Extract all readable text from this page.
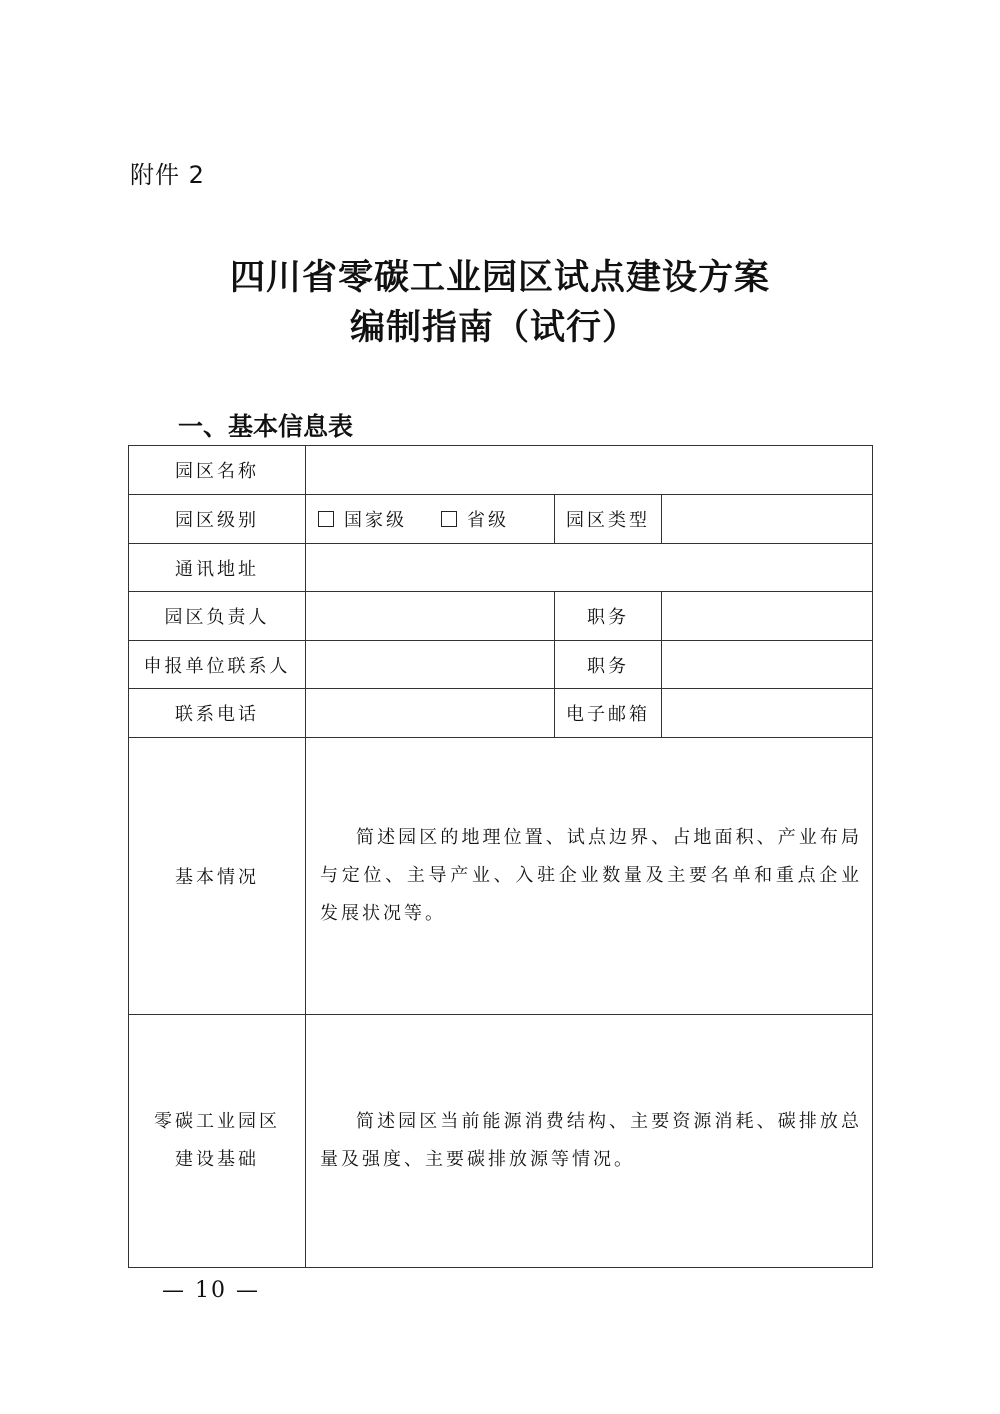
附件 2
四川省零碳工业园区试点建设方案
编制指南（试行）
一、基本信息表
园区名称			
园区级别	国家级 省级	园区类型	
通讯地址			
园区负责人		职务	
申报单位联系人		职务	
联系电话		电子邮箱	
基本情况	简述园区的地理位置、试点边界、占地面积、产业布局与定位、主导产业、入驻企业数量及主要名单和重点企业发展状况等。		

零碳工业园区
建设基础	简述园区当前能源消费结构、主要资源消耗、碳排放总量及强度、主要碳排放源等情况。		
— 10 —
